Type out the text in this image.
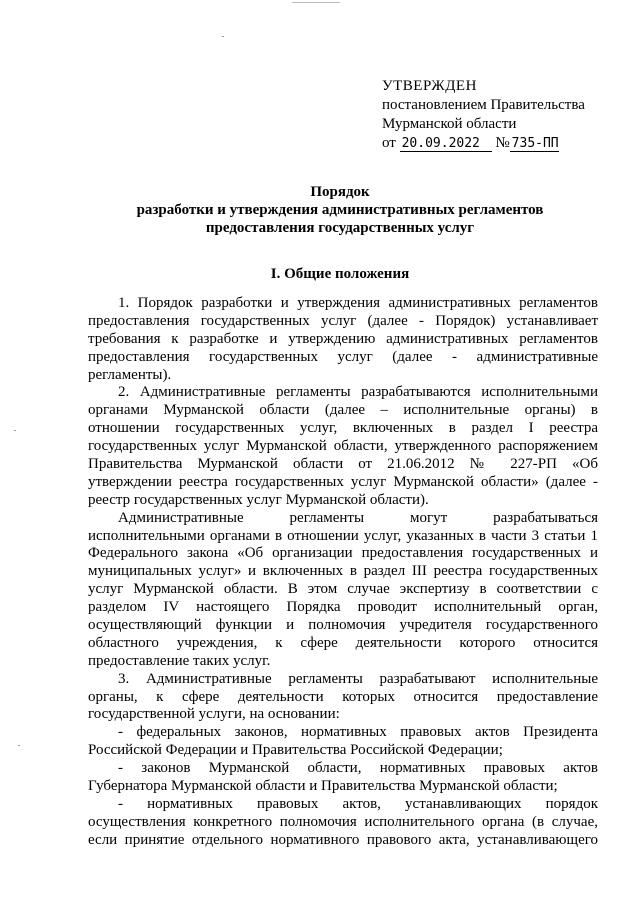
УТВЕРЖДЕН
постановлением Правительства
Мурманской области
от 20.09.2022 № 735-ПП
Порядок
разработки и утверждения административных регламентов
предоставления государственных услуг
I. Общие положения
1. Порядок разработки и утверждения административных регламентов
предоставления государственных услуг (далее - Порядок) устанавливает
требования к разработке и утверждению административных регламентов
предоставления государственных услуг (далее - административные
регламенты).
2. Административные регламенты разрабатываются исполнительными
органами Мурманской области (далее – исполнительные органы) в
отношении государственных услуг, включенных в раздел I реестра
государственных услуг Мурманской области, утвержденного распоряжением
Правительства Мурманской области от 21.06.2012 № 227-РП «Об
утверждении реестра государственных услуг Мурманской области» (далее -
реестр государственных услуг Мурманской области).
Административные регламенты могут разрабатываться
исполнительными органами в отношении услуг, указанных в части 3 статьи 1
Федерального закона «Об организации предоставления государственных и
муниципальных услуг» и включенных в раздел III реестра государственных
услуг Мурманской области. В этом случае экспертизу в соответствии с
разделом IV настоящего Порядка проводит исполнительный орган,
осуществляющий функции и полномочия учредителя государственного
областного учреждения, к сфере деятельности которого относится
предоставление таких услуг.
3. Административные регламенты разрабатывают исполнительные
органы, к сфере деятельности которых относится предоставление
государственной услуги, на основании:
- федеральных законов, нормативных правовых актов Президента
Российской Федерации и Правительства Российской Федерации;
- законов Мурманской области, нормативных правовых актов
Губернатора Мурманской области и Правительства Мурманской области;
- нормативных правовых актов, устанавливающих порядок
осуществления конкретного полномочия исполнительного органа (в случае,
если принятие отдельного нормативного правового акта, устанавливающего
